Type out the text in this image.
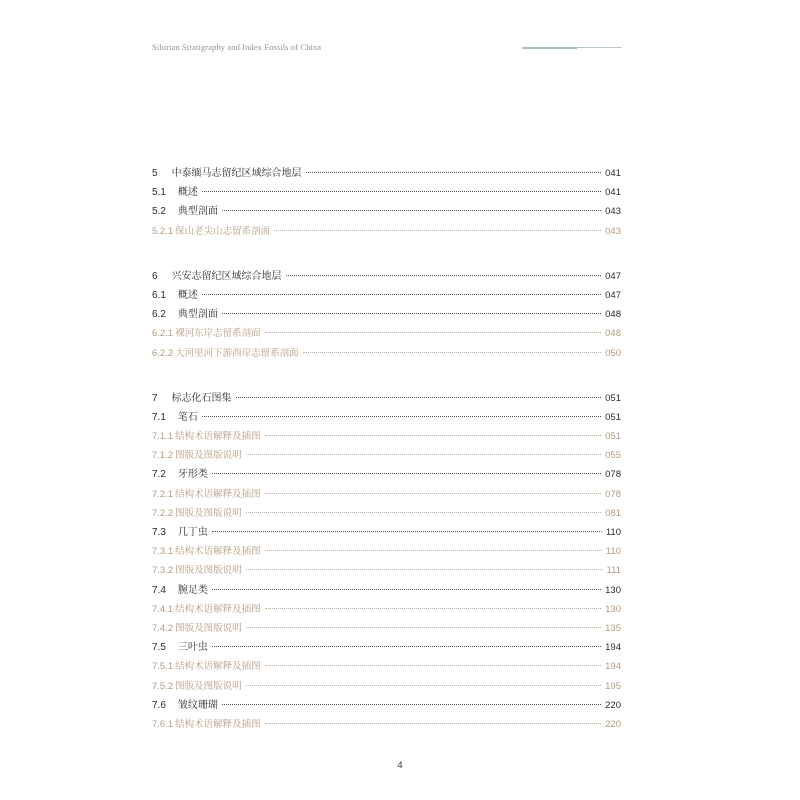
Silurian Stratigraphy and Index Fossils of China
5 中泰缅马志留纪区域综合地层	041
5.1 概述	041
5.2 典型剖面	043
5.2.1 保山老尖山志留系剖面	043
6 兴安志留纪区域综合地层	047
6.1 概述	047
6.2 典型剖面	048
6.2.1 裸河东岸志留系剖面	048
6.2.2 大河里河下游西岸志留系剖面	050
7 标志化石图集	051
7.1 笔石	051
7.1.1 结构术语解释及插图	051
7.1.2 图版及图版说明	055
7.2 牙形类	078
7.2.1 结构术语解释及插图	078
7.2.2 图版及图版说明	081
7.3 几丁虫	110
7.3.1 结构术语解释及插图	110
7.3.2 图版及图版说明	111
7.4 腕足类	130
7.4.1 结构术语解释及插图	130
7.4.2 图版及图版说明	135
7.5 三叶虫	194
7.5.1 结构术语解释及插图	194
7.5.2 图版及图版说明	195
7.6 皱纹珊瑚	220
7.6.1 结构术语解释及插图	220
4
